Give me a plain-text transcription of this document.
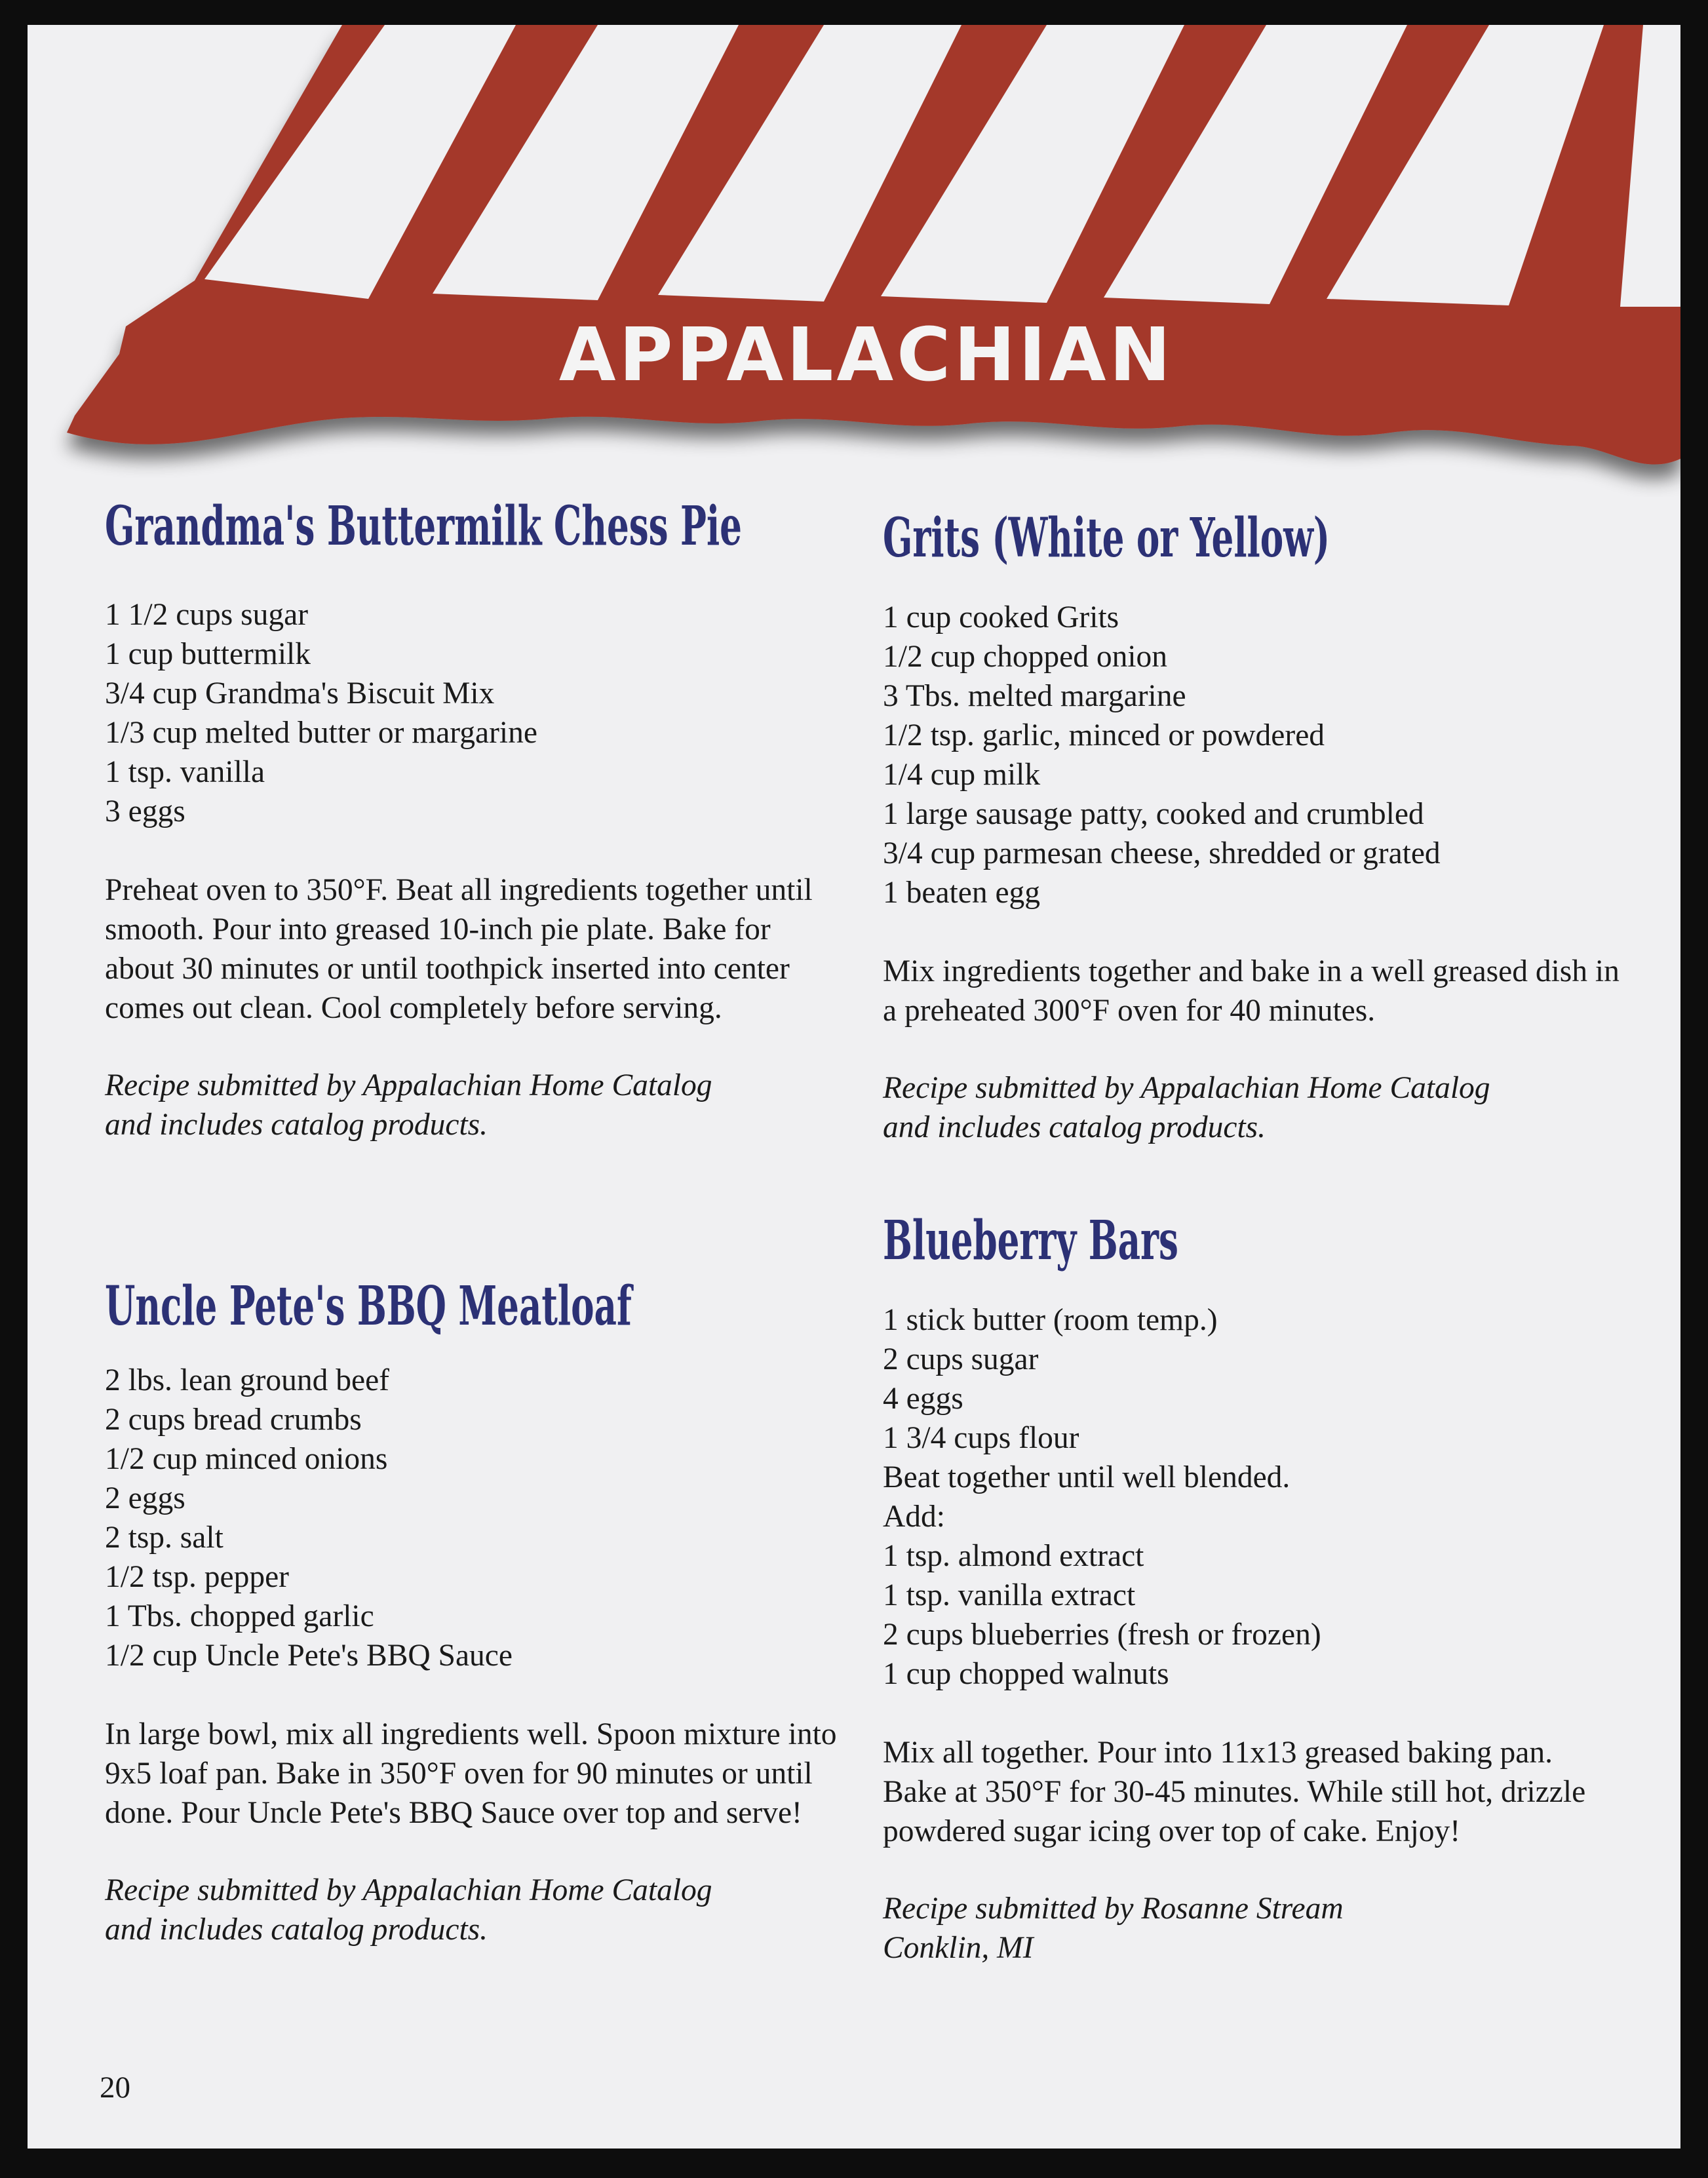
APPALACHIAN
Grandma's Buttermilk Chess Pie
1 1/2 cups sugar
1 cup buttermilk
3/4 cup Grandma's Biscuit Mix
1/3 cup melted butter or margarine
1 tsp. vanilla
3 eggs

Preheat oven to 350°F. Beat all ingredients together until smooth. Pour into greased 10-inch pie plate. Bake for about 30 minutes or until toothpick inserted into center comes out clean. Cool completely before serving.

Recipe submitted by Appalachian Home Catalog
and includes catalog products.
Uncle Pete's BBQ Meatloaf
2 lbs. lean ground beef
2 cups bread crumbs
1/2 cup minced onions
2 eggs
2 tsp. salt
1/2 tsp. pepper
1 Tbs. chopped garlic
1/2 cup Uncle Pete's BBQ Sauce

In large bowl, mix all ingredients well. Spoon mixture into 9x5 loaf pan. Bake in 350°F oven for 90 minutes or until done. Pour Uncle Pete's BBQ Sauce over top and serve!

Recipe submitted by Appalachian Home Catalog
and includes catalog products.
Grits (White or Yellow)
1 cup cooked Grits
1/2 cup chopped onion
3 Tbs. melted margarine
1/2 tsp. garlic, minced or powdered
1/4 cup milk
1 large sausage patty, cooked and crumbled
3/4 cup parmesan cheese, shredded or grated
1 beaten egg

Mix ingredients together and bake in a well greased dish in a preheated 300°F oven for 40 minutes.

Recipe submitted by Appalachian Home Catalog
and includes catalog products.
Blueberry Bars
1 stick butter (room temp.)
2 cups sugar
4 eggs
1 3/4 cups flour
Beat together until well blended.
Add:
1 tsp. almond extract
1 tsp. vanilla extract
2 cups blueberries (fresh or frozen)
1 cup chopped walnuts

Mix all together. Pour into 11x13 greased baking pan. Bake at 350°F for 30-45 minutes. While still hot, drizzle powdered sugar icing over top of cake. Enjoy!

Recipe submitted by Rosanne Stream
Conklin, MI
20
